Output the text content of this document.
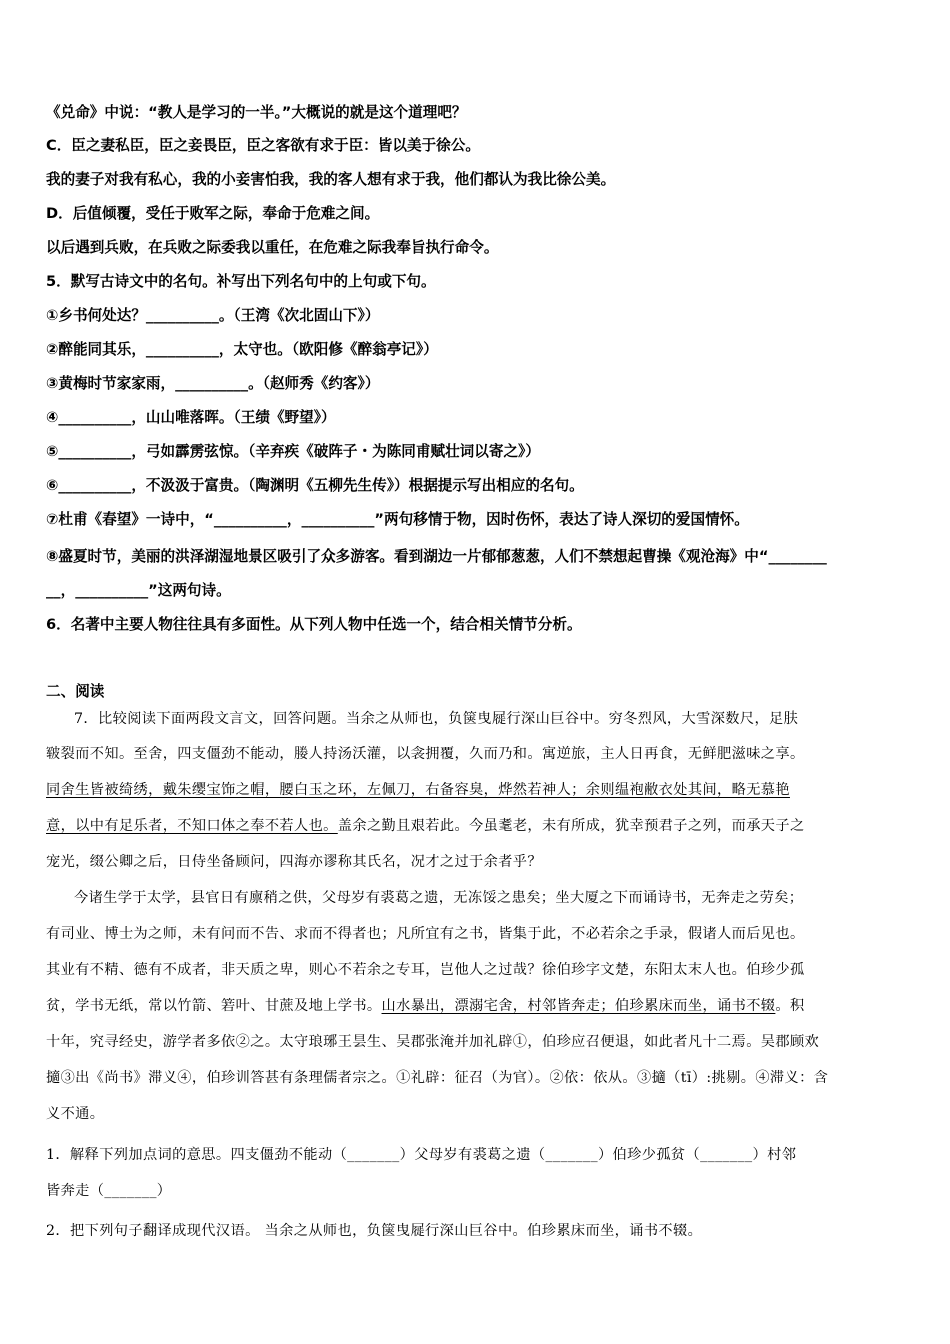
《兑命》中说：“教人是学习的一半。”大概说的就是这个道理吧？
C．臣之妻私臣，臣之妾畏臣，臣之客欲有求于臣：皆以美于徐公。
我的妻子对我有私心，我的小妾害怕我，我的客人想有求于我，他们都认为我比徐公美。
D．后值倾覆，受任于败军之际，奉命于危难之间。
以后遇到兵败，在兵败之际委我以重任，在危难之际我奉旨执行命令。
5．默写古诗文中的名句。补写出下列名句中的上句或下句。
①乡书何处达？__________。（王湾《次北固山下》）
②醉能同其乐，__________，太守也。（欧阳修《醉翁亭记》）
③黄梅时节家家雨，__________。（赵师秀《约客》）
④__________，山山唯落晖。（王绩《野望》）
⑤__________，弓如霹雳弦惊。（辛弃疾《破阵子・为陈同甫赋壮词以寄之》）
⑥__________，不汲汲于富贵。（陶渊明《五柳先生传》）根据提示写出相应的名句。
⑦杜甫《春望》一诗中，“__________，__________”两句移情于物，因时伤怀，表达了诗人深切的爱国情怀。
⑧盛夏时节，美丽的洪泽湖湿地景区吸引了众多游客。看到湖边一片郁郁葱葱，人们不禁想起曹操《观沧海》中“________
__，__________”这两句诗。
6．名著中主要人物往往具有多面性。从下列人物中任选一个，结合相关情节分析。
二、阅读
7．比较阅读下面两段文言文，回答问题。当余之从师也，负箧曳屣行深山巨谷中。穷冬烈风，大雪深数尺，足肤
皲裂而不知。至舍，四支僵劲不能动，媵人持汤沃灌，以衾拥覆，久而乃和。寓逆旅，主人日再食，无鲜肥滋味之享。
同舍生皆被绮绣，戴朱缨宝饰之帽，腰白玉之环，左佩刀，右备容臭，烨然若神人；余则缊袍敝衣处其间，略无慕艳
意，以中有足乐者，不知口体之奉不若人也。盖余之勤且艰若此。今虽耄老，未有所成，犹幸预君子之列，而承天子之
宠光，缀公卿之后，日侍坐备顾问，四海亦谬称其氏名，况才之过于余者乎？
今诸生学于太学，县官日有廪稍之供，父母岁有裘葛之遗，无冻馁之患矣；坐大厦之下而诵诗书，无奔走之劳矣；
有司业、博士为之师，未有问而不告、求而不得者也；凡所宜有之书，皆集于此，不必若余之手录，假诸人而后见也。
其业有不精、德有不成者，非天质之卑，则心不若余之专耳，岂他人之过哉？徐伯珍字文楚，东阳太末人也。伯珍少孤
贫，学书无纸，常以竹箭、箬叶、甘蔗及地上学书。山水暴出，漂溺宅舍，村邻皆奔走；伯珍累床而坐，诵书不辍。积
十年，究寻经史，游学者多依②之。太守琅琊王昙生、吴郡张淹并加礼辟①，伯珍应召便退，如此者凡十二焉。吴郡顾欢
擿③出《尚书》滞义④，伯珍训答甚有条理儒者宗之。①礼辟：征召（为官）。②依：依从。③擿（tī）:挑剔。④滞义：含
义不通。
1．解释下列加点词的意思。四支僵劲不能动（_______）父母岁有裘葛之遗（_______）伯珍少孤贫（_______）村邻
皆奔走（_______）
2．把下列句子翻译成现代汉语。 当余之从师也，负箧曳屣行深山巨谷中。伯珍累床而坐，诵书不辍。
